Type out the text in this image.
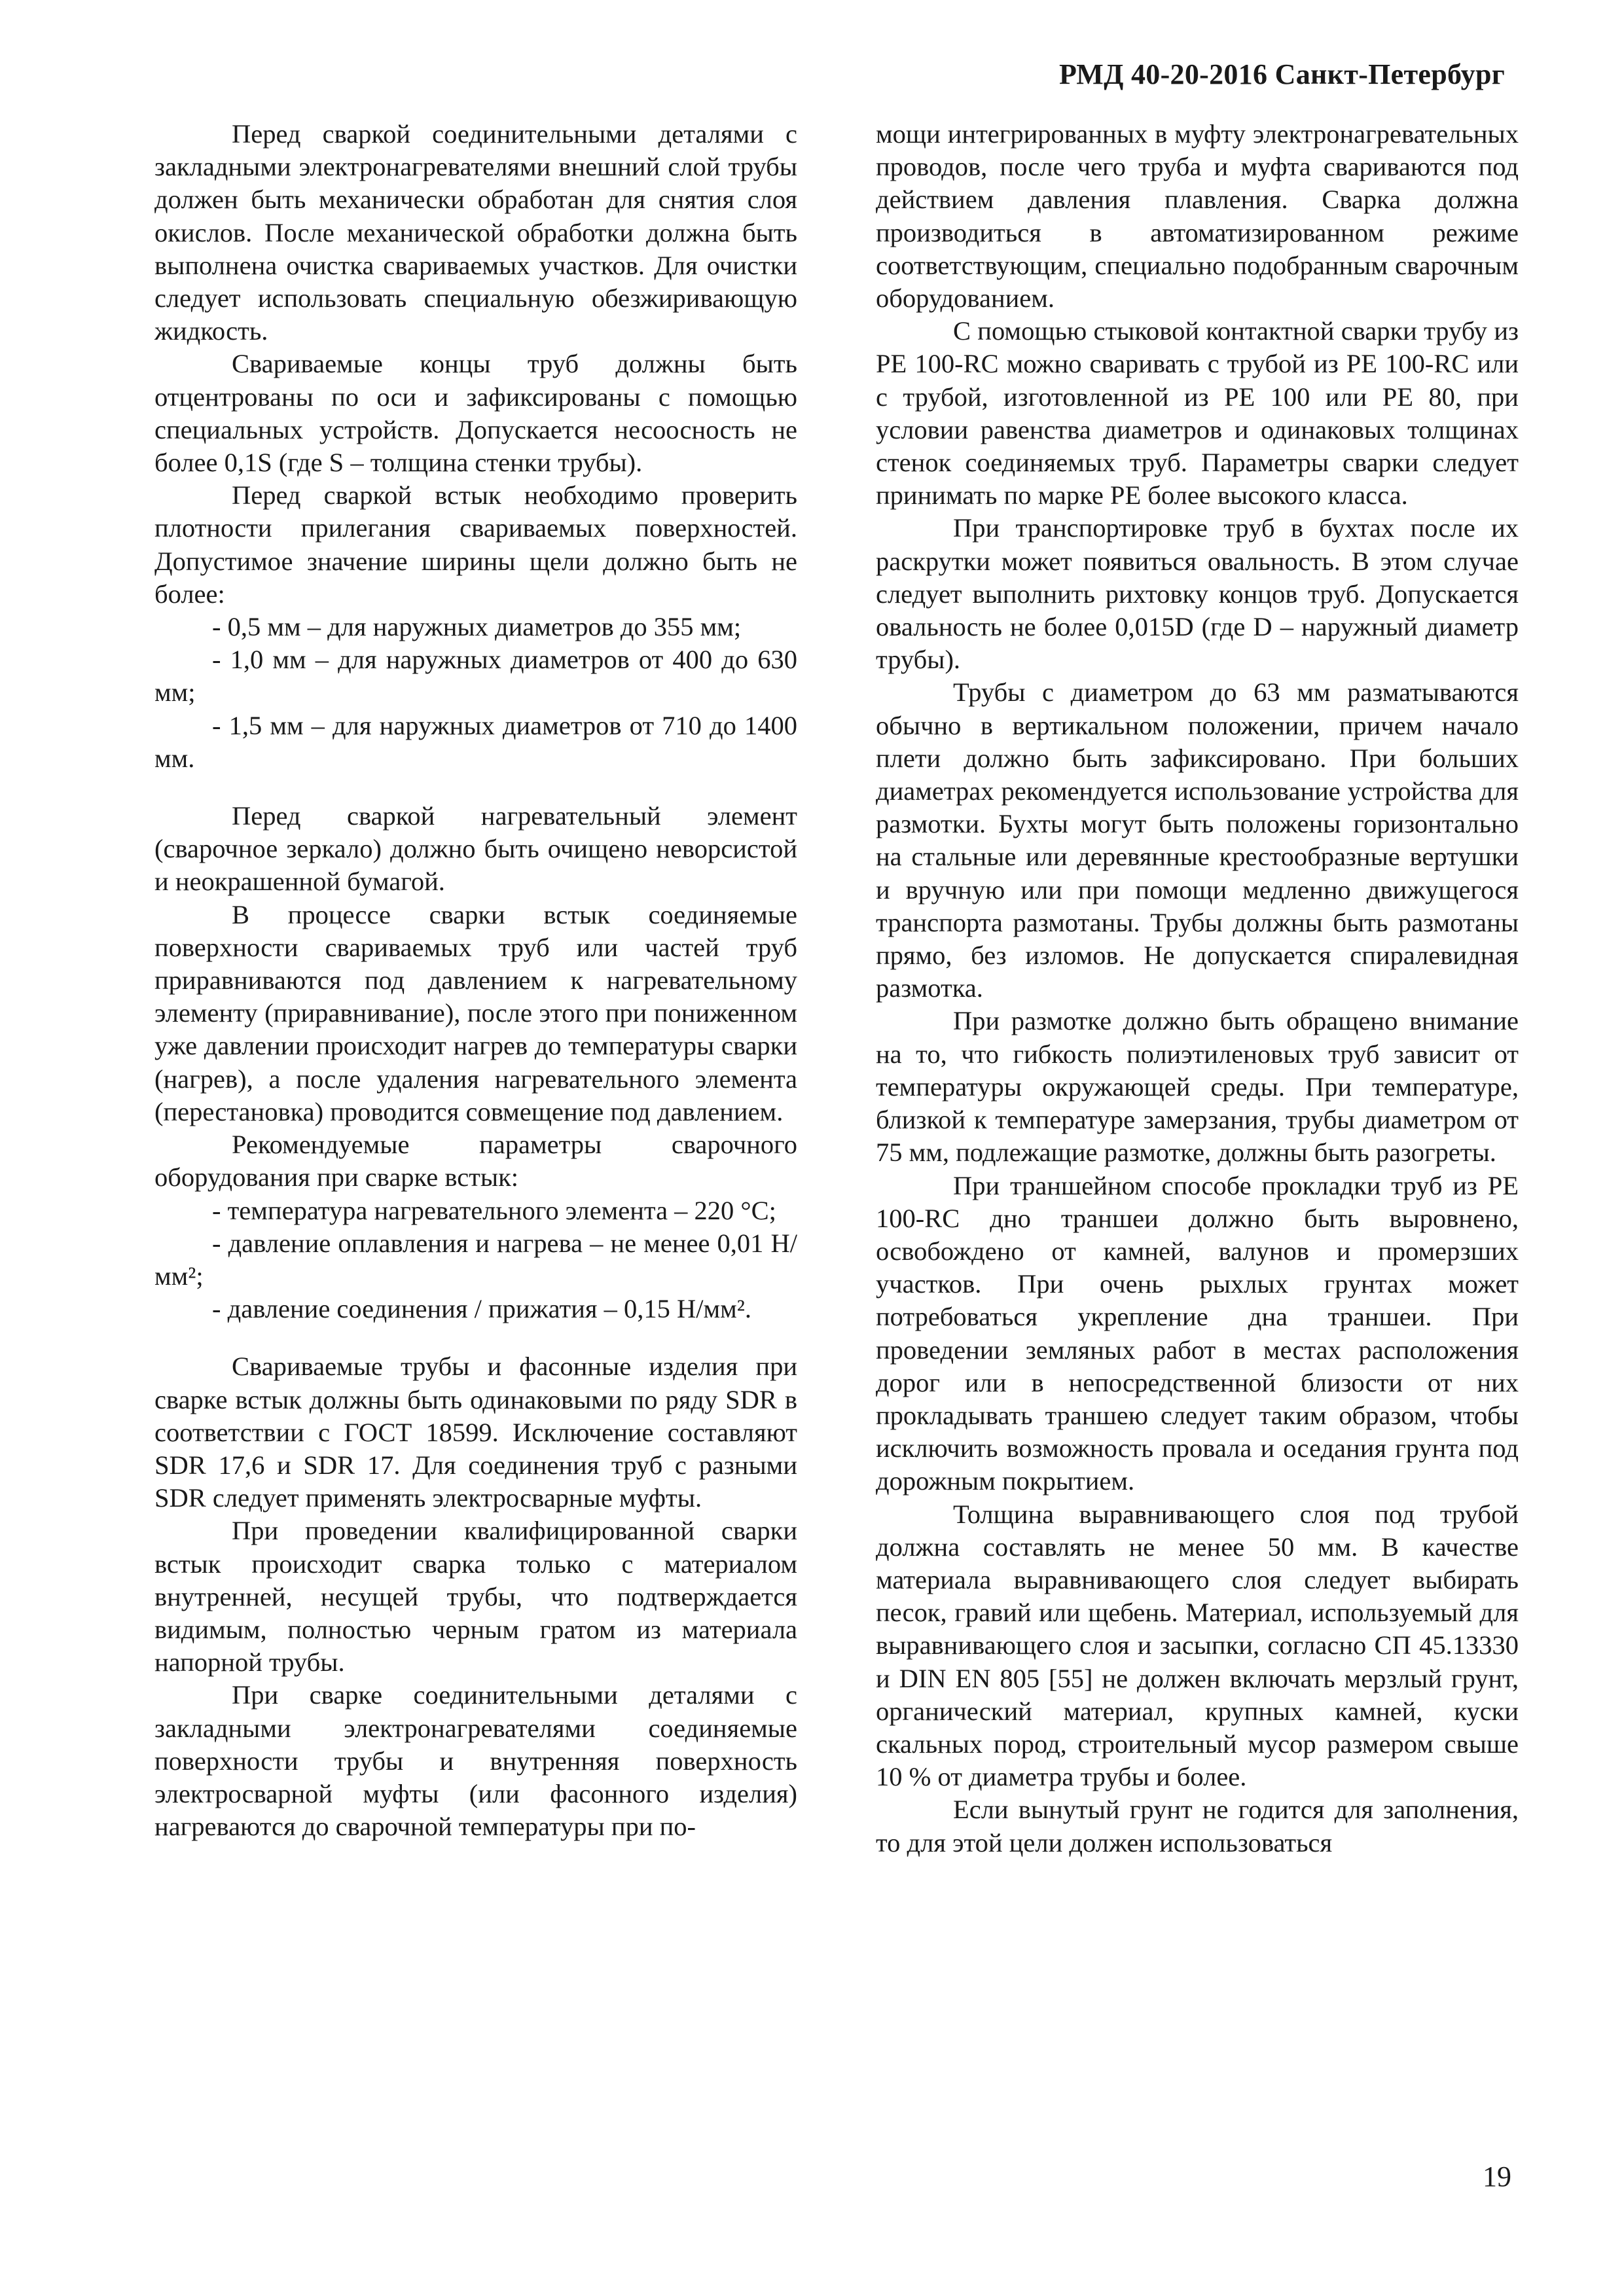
РМД 40-20-2016 Санкт-Петербург

Перед сваркой соединительными деталями с закладными электронагревателями внешний слой трубы должен быть механически обработан для снятия слоя окислов. После механической обработки должна быть выполнена очистка свариваемых участков. Для очистки следует использовать специальную обезжиривающую жидкость.

Свариваемые концы труб должны быть отцентрованы по оси и зафиксированы с помощью специальных устройств. Допускается несоосность не более 0,1S (где S – толщина стенки трубы).

Перед сваркой встык необходимо проверить плотности прилегания свариваемых поверхностей. Допустимое значение ширины щели должно быть не более:

- 0,5 мм – для наружных диаметров до 355 мм;

- 1,0 мм – для наружных диаметров от 400 до 630 мм;

- 1,5 мм – для наружных диаметров от 710 до 1400 мм.

Перед сваркой нагревательный элемент (сварочное зеркало) должно быть очищено неворсистой и неокрашенной бумагой.

В процессе сварки встык соединяемые поверхности свариваемых труб или частей труб приравниваются под давлением к нагревательному элементу (приравнивание), после этого при пониженном уже давлении происходит нагрев до температуры сварки (нагрев), а после удаления нагревательного элемента (перестановка) проводится совмещение под давлением.

Рекомендуемые параметры сварочного оборудования при сварке встык:

- температура нагревательного элемента – 220 °С;

- давление оплавления и нагрева – не менее 0,01 Н/мм²;

- давление соединения / прижатия – 0,15 Н/мм².

Свариваемые трубы и фасонные изделия при сварке встык должны быть одинаковыми по ряду SDR в соответствии с ГОСТ 18599. Исключение составляют SDR 17,6 и SDR 17. Для соединения труб с разными SDR следует применять электросварные муфты.

При проведении квалифицированной сварки встык происходит сварка только с материалом внутренней, несущей трубы, что подтверждается видимым, полностью черным гратом из материала напорной трубы.

При сварке соединительными деталями с закладными электронагревателями соединяемые поверхности трубы и внутренняя поверхность электросварной муфты (или фасонного изделия) нагреваются до сварочной температуры при по-

мощи интегрированных в муфту электронагревательных проводов, после чего труба и муфта свариваются под действием давления плавления. Сварка должна производиться в автоматизированном режиме соответствующим, специально подобранным сварочным оборудованием.

С помощью стыковой контактной сварки трубу из PE 100-RC можно сваривать с трубой из PE 100-RC или с трубой, изготовленной из PE 100 или PE 80, при условии равенства диаметров и одинаковых толщинах стенок соединяемых труб. Параметры сварки следует принимать по марке PE более высокого класса.

При транспортировке труб в бухтах после их раскрутки может появиться овальность. В этом случае следует выполнить рихтовку концов труб. Допускается овальность не более 0,015D (где D – наружный диаметр трубы).

Трубы с диаметром до 63 мм разматываются обычно в вертикальном положении, причем начало плети должно быть зафиксировано. При больших диаметрах рекомендуется использование устройства для размотки. Бухты могут быть положены горизонтально на стальные или деревянные крестообразные вертушки и вручную или при помощи медленно движущегося транспорта размотаны. Трубы должны быть размотаны прямо, без изломов. Не допускается спиралевидная размотка.

При размотке должно быть обращено внимание на то, что гибкость полиэтиленовых труб зависит от температуры окружающей среды. При температуре, близкой к температуре замерзания, трубы диаметром от 75 мм, подлежащие размотке, должны быть разогреты.

При траншейном способе прокладки труб из PE 100-RC дно траншеи должно быть выровнено, освобождено от камней, валунов и промерзших участков. При очень рыхлых грунтах может потребоваться укрепление дна траншеи. При проведении земляных работ в местах расположения дорог или в непосредственной близости от них прокладывать траншею следует таким образом, чтобы исключить возможность провала и оседания грунта под дорожным покрытием.

Толщина выравнивающего слоя под трубой должна составлять не менее 50 мм. В качестве материала выравнивающего слоя следует выбирать песок, гравий или щебень. Материал, используемый для выравнивающего слоя и засыпки, согласно СП 45.13330 и DIN EN 805 [55] не должен включать мерзлый грунт, органический материал, крупных камней, куски скальных пород, строительный мусор размером свыше 10 % от диаметра трубы и более.

Если вынутый грунт не годится для заполнения, то для этой цели должен использоваться

19
